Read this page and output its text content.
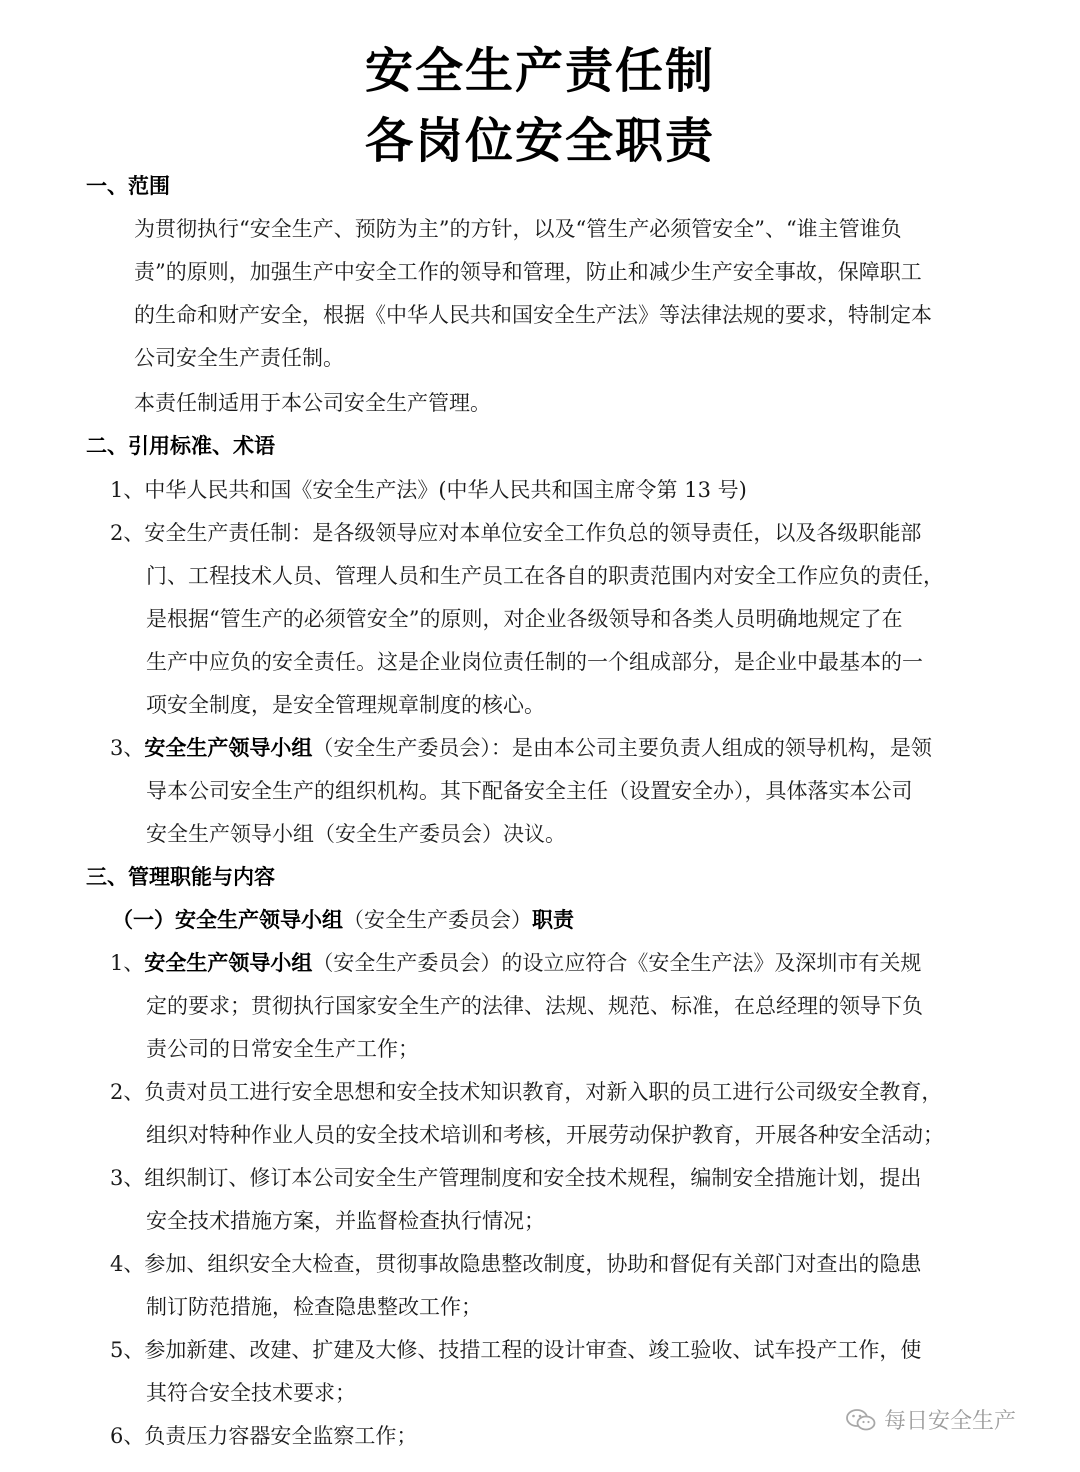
安全生产责任制
各岗位安全职责
一、范围
为贯彻执行“安全生产、预防为主”的方针，以及“管生产必须管安全”、“谁主管谁负
责”的原则，加强生产中安全工作的领导和管理，防止和减少生产安全事故，保障职工
的生命和财产安全，根据《中华人民共和国安全生产法》等法律法规的要求，特制定本
公司安全生产责任制。
本责任制适用于本公司安全生产管理。
二、引用标准、术语
1、中华人民共和国《安全生产法》(中华人民共和国主席令第 13 号)
2、安全生产责任制：是各级领导应对本单位安全工作负总的领导责任，以及各级职能部
门、工程技术人员、管理人员和生产员工在各自的职责范围内对安全工作应负的责任，
是根据“管生产的必须管安全”的原则，对企业各级领导和各类人员明确地规定了在
生产中应负的安全责任。这是企业岗位责任制的一个组成部分，是企业中最基本的一
项安全制度，是安全管理规章制度的核心。
3、安全生产领导小组（安全生产委员会）：是由本公司主要负责人组成的领导机构，是领
导本公司安全生产的组织机构。其下配备安全主任（设置安全办），具体落实本公司
安全生产领导小组（安全生产委员会）决议。
三、管理职能与内容
（一）安全生产领导小组（安全生产委员会）职责
1、安全生产领导小组（安全生产委员会）的设立应符合《安全生产法》及深圳市有关规
定的要求；贯彻执行国家安全生产的法律、法规、规范、标准，在总经理的领导下负
责公司的日常安全生产工作；
2、负责对员工进行安全思想和安全技术知识教育，对新入职的员工进行公司级安全教育，
组织对特种作业人员的安全技术培训和考核，开展劳动保护教育，开展各种安全活动；
3、组织制订、修订本公司安全生产管理制度和安全技术规程，编制安全措施计划，提出
安全技术措施方案，并监督检查执行情况；
4、参加、组织安全大检查，贯彻事故隐患整改制度，协助和督促有关部门对查出的隐患
制订防范措施，检查隐患整改工作；
5、参加新建、改建、扩建及大修、技措工程的设计审查、竣工验收、试车投产工作，使
其符合安全技术要求；
6、负责压力容器安全监察工作；
每日安全生产
